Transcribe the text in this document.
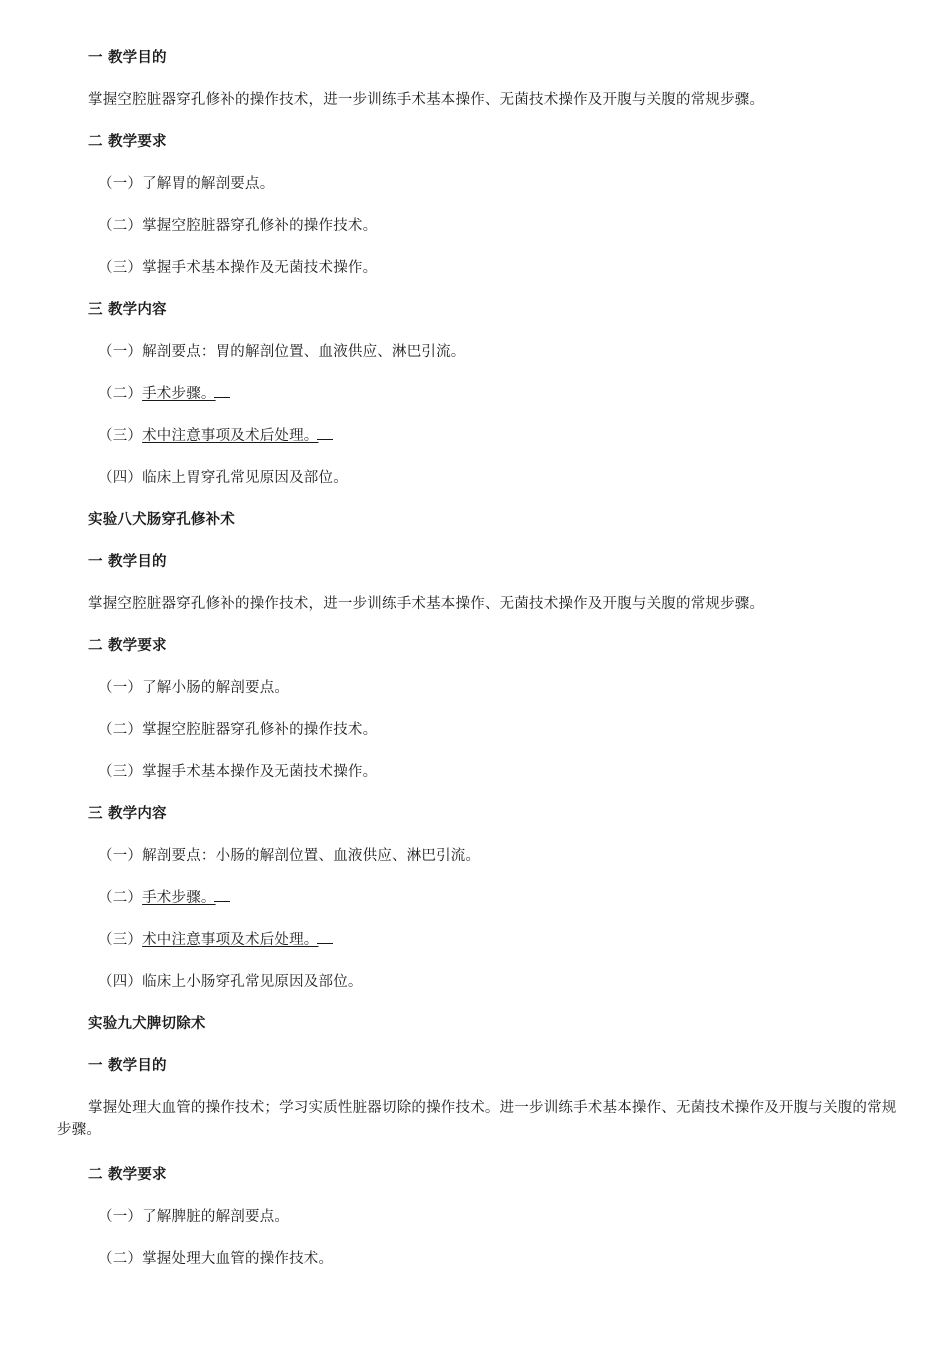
一 教学目的
掌握空腔脏器穿孔修补的操作技术，进一步训练手术基本操作、无菌技术操作及开腹与关腹的常规步骤。
二 教学要求
（一）了解胃的解剖要点。
（二）掌握空腔脏器穿孔修补的操作技术。
（三）掌握手术基本操作及无菌技术操作。
三 教学内容
（一）解剖要点：胃的解剖位置、血液供应、淋巴引流。
（二）手术步骤。
（三）术中注意事项及术后处理。
（四）临床上胃穿孔常见原因及部位。
实验八犬肠穿孔修补术
一 教学目的
掌握空腔脏器穿孔修补的操作技术，进一步训练手术基本操作、无菌技术操作及开腹与关腹的常规步骤。
二 教学要求
（一）了解小肠的解剖要点。
（二）掌握空腔脏器穿孔修补的操作技术。
（三）掌握手术基本操作及无菌技术操作。
三 教学内容
（一）解剖要点：小肠的解剖位置、血液供应、淋巴引流。
（二）手术步骤。
（三）术中注意事项及术后处理。
（四）临床上小肠穿孔常见原因及部位。
实验九犬脾切除术
一 教学目的
掌握处理大血管的操作技术；学习实质性脏器切除的操作技术。进一步训练手术基本操作、无菌技术操作及开腹与关腹的常规步骤。
二 教学要求
（一）了解脾脏的解剖要点。
（二）掌握处理大血管的操作技术。
